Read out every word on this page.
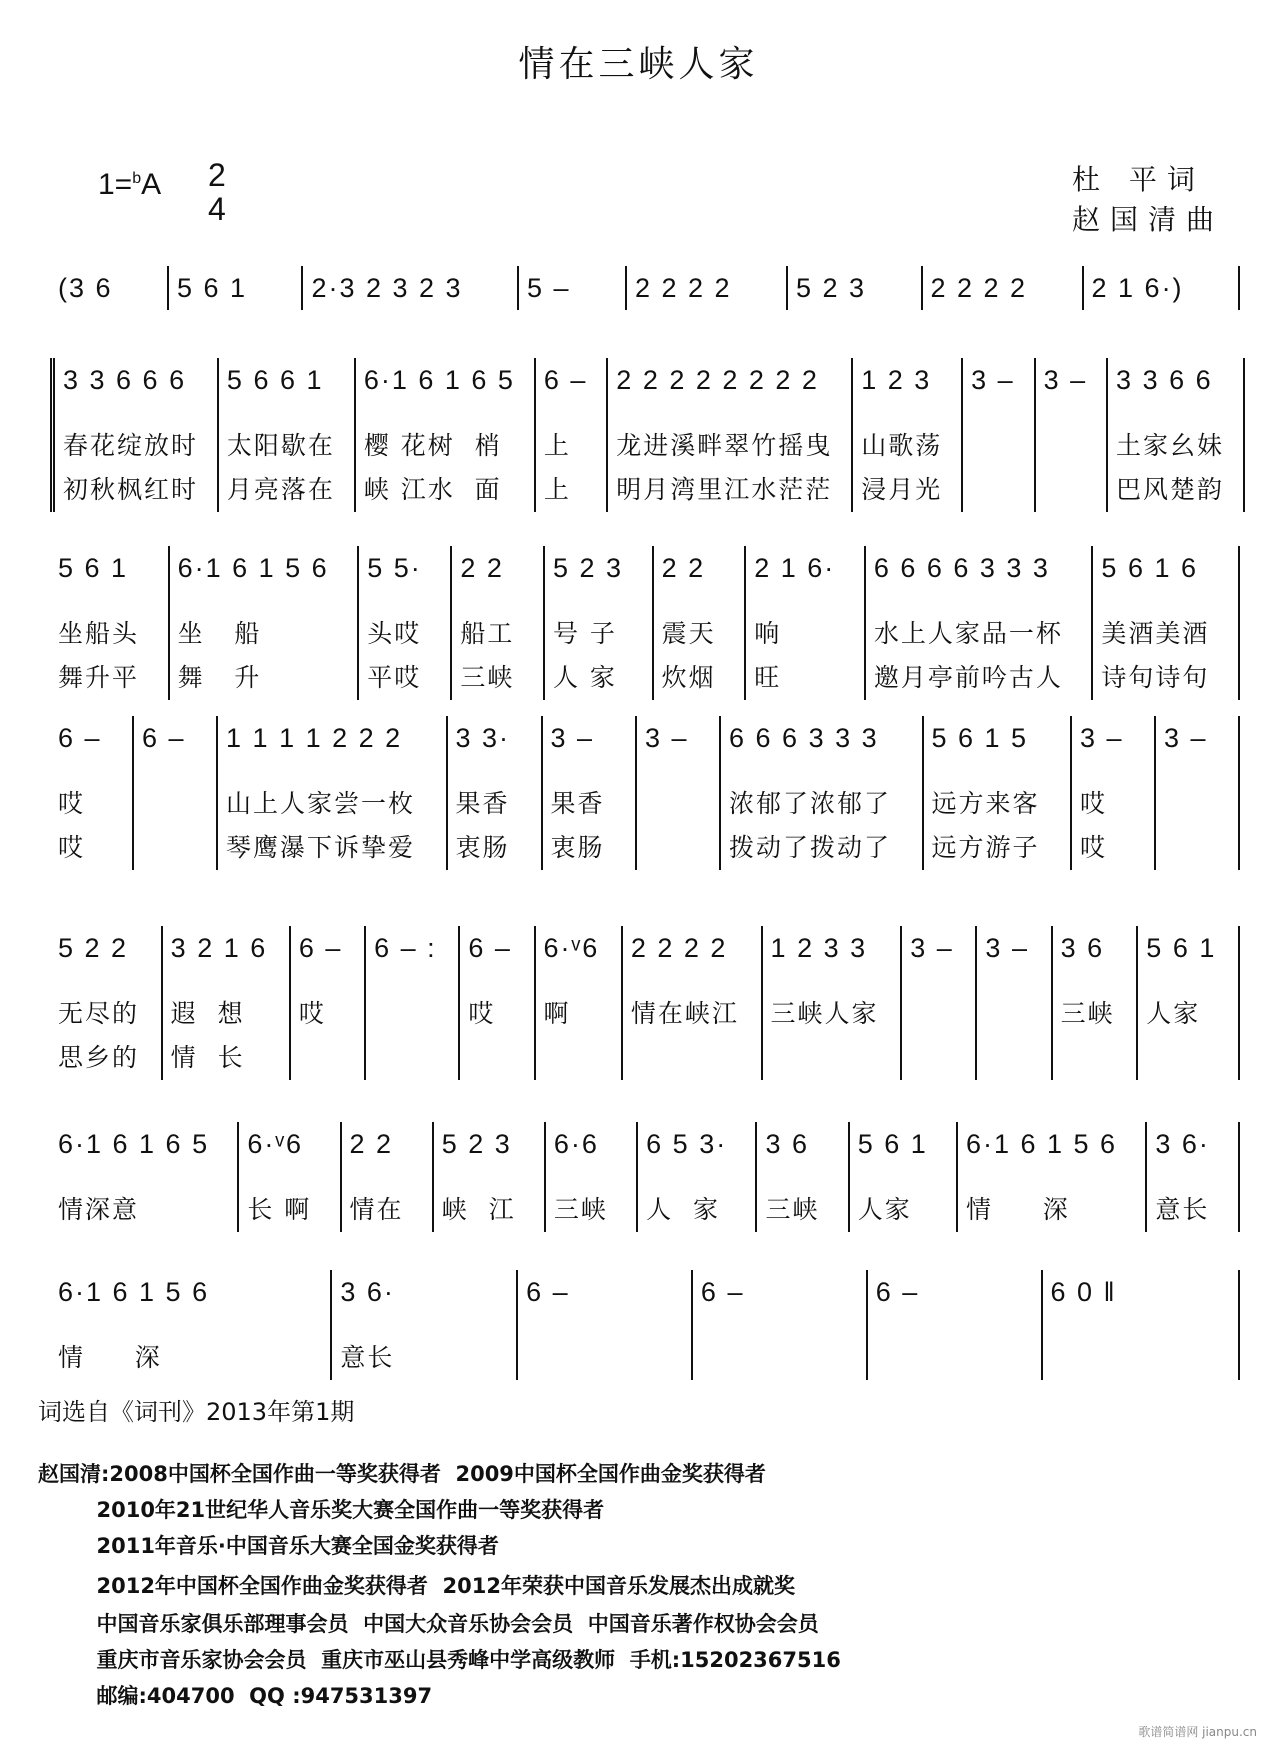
情在三峡人家
1=$^b$A 2
4
杜 平词
赵国清曲
(3 6	5 6 1	2·3 2 3 2 3	5 –	2 2 2 2	5 2 3	2 2 2 2	2 1 6·)
3 3 6 6 6
春花绽放时
初秋枫红时
5 6 6 1
太阳歇在
月亮落在
6·1 6 1 6 5
樱 花树  梢
峡 江水  面
6 –
上
上
2 2 2 2 2 2 2 2
龙进溪畔翠竹摇曳
明月湾里江水茫茫
1 2 3
山歌荡
浸月光
3 –	3 –	3 3 6 6
土家幺妹
巴风楚韵
5 6 1
坐船头
舞升平
6·1 6 1 5 6
坐   船
舞   升
5 5·
头哎
平哎
2 2
船工
三峡
5 2 3
号 子
人 家
2 2
震天
炊烟
2 1 6·
响
旺
6 6 6 6 3 3 3
水上人家品一杯
邀月亭前吟古人
5 6 1 6
美酒美酒
诗句诗句
6 –
哎
哎
6 –	1 1 1 1 2 2 2
山上人家尝一枚
琴鹰瀑下诉挚爱
3 3·
果香
衷肠
3 –
果香
衷肠
3 –	6 6 6 3 3 3
浓郁了浓郁了
拨动了拨动了
5 6 1 5
远方来客
远方游子
3 –
哎
哎
3 –
5 2 2
无尽的
思乡的
3 2 1 6
遐  想
情  长
6 –
哎
6 – :	6 –
哎
6·ᵛ6
啊
2 2 2 2
情在峡江
1 2 3 3
三峡人家
3 –	3 –	3 6
三峡
5 6 1
人家
6·1 6 1 6 5
情深意
6·ᵛ6
长 啊
2 2
情在
5 2 3
峡  江
6·6
三峡
6 5 3·
人  家
3 6
三峡
5 6 1
人家
6·1 6 1 5 6
情     深
3 6·
意长
6·1 6 1 5 6
情     深
3 6·
意长
6 –	6 –	6 –	6 0 ‖
词选自《词刊》2013年第1期
赵国清:2008中国杯全国作曲一等奖获得者  2009中国杯全国作曲金奖获得者
2010年21世纪华人音乐奖大赛全国作曲一等奖获得者
2011年音乐·中国音乐大赛全国金奖获得者
2012年中国杯全国作曲金奖获得者  2012年荣获中国音乐发展杰出成就奖
中国音乐家俱乐部理事会员  中国大众音乐协会会员  中国音乐著作权协会会员
重庆市音乐家协会会员  重庆市巫山县秀峰中学高级教师  手机:15202367516
邮编:404700  QQ :947531397
歌谱简谱网 jianpu.cn
